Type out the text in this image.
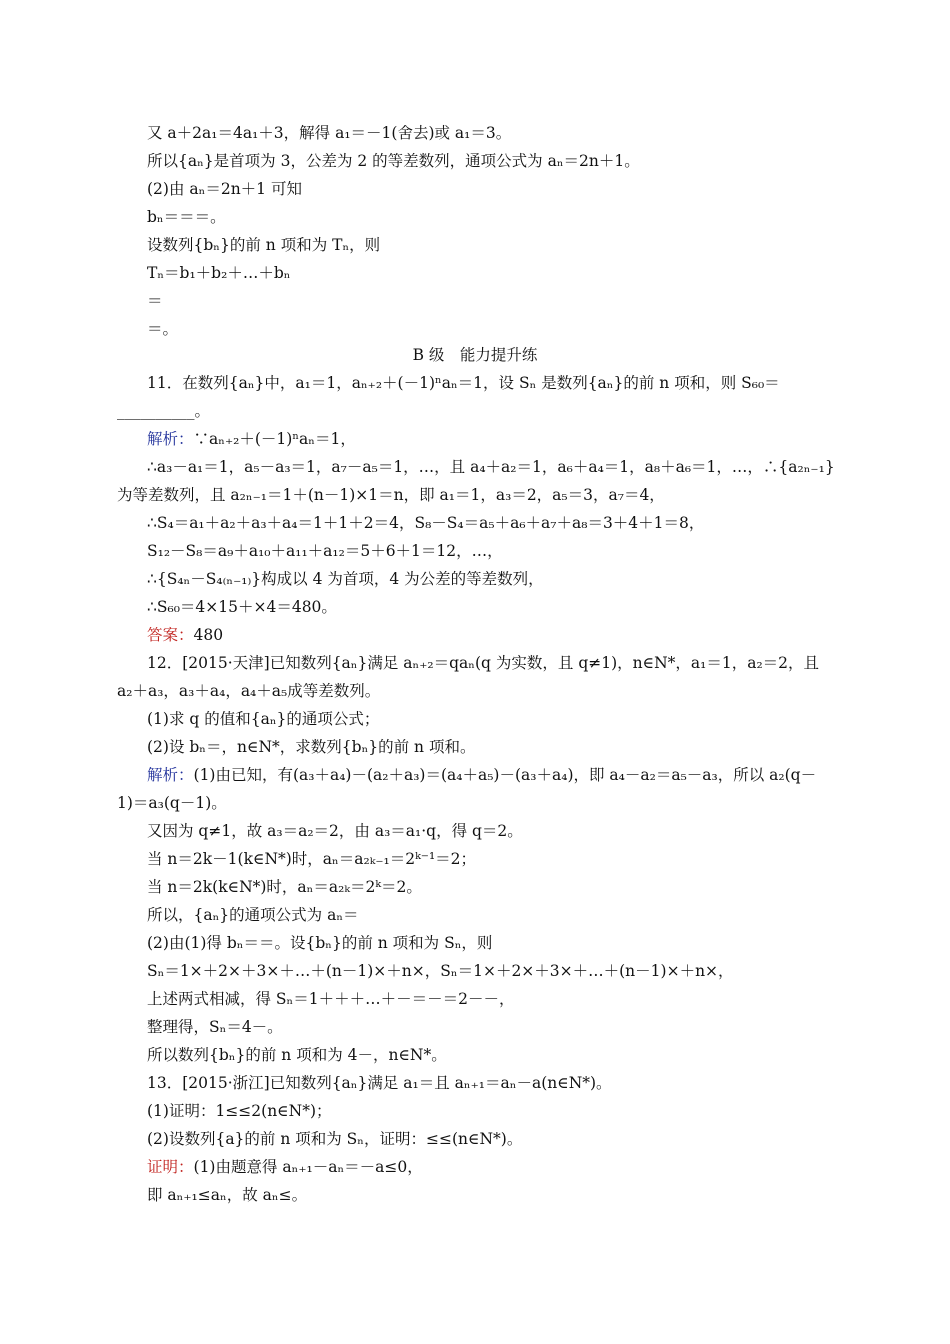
又 a＋2a₁＝4a₁＋3，解得 a₁＝－1(舍去)或 a₁＝3。
所以{aₙ}是首项为 3，公差为 2 的等差数列，通项公式为 aₙ＝2n＋1。
(2)由 aₙ＝2n＋1 可知
bₙ＝＝＝。
设数列{bₙ}的前 n 项和为 Tₙ，则
Tₙ＝b₁＋b₂＋…＋bₙ
＝
＝。
B 级　能力提升练
11．在数列{aₙ}中，a₁＝1，aₙ₊₂＋(－1)ⁿaₙ＝1，设 Sₙ 是数列{aₙ}的前 n 项和，则 S₆₀＝
__________。
解析：∵aₙ₊₂＋(－1)ⁿaₙ＝1，
∴a₃－a₁＝1，a₅－a₃＝1，a₇－a₅＝1，…，且 a₄＋a₂＝1，a₆＋a₄＝1，a₈＋a₆＝1，…，∴{a₂ₙ₋₁}
为等差数列，且 a₂ₙ₋₁＝1＋(n－1)×1＝n，即 a₁＝1，a₃＝2，a₅＝3，a₇＝4，
∴S₄＝a₁＋a₂＋a₃＋a₄＝1＋1＋2＝4，S₈－S₄＝a₅＋a₆＋a₇＋a₈＝3＋4＋1＝8，
S₁₂－S₈＝a₉＋a₁₀＋a₁₁＋a₁₂＝5＋6＋1＝12，…，
∴{S₄ₙ－S₄₍ₙ₋₁₎}构成以 4 为首项，4 为公差的等差数列，
∴S₆₀＝4×15＋×4＝480。
答案：480
12．[2015·天津]已知数列{aₙ}满足 aₙ₊₂＝qaₙ(q 为实数，且 q≠1)，n∈N*，a₁＝1，a₂＝2，且
a₂＋a₃，a₃＋a₄，a₄＋a₅成等差数列。
(1)求 q 的值和{aₙ}的通项公式；
(2)设 bₙ＝，n∈N*，求数列{bₙ}的前 n 项和。
解析：(1)由已知，有(a₃＋a₄)－(a₂＋a₃)＝(a₄＋a₅)－(a₃＋a₄)，即 a₄－a₂＝a₅－a₃，所以 a₂(q－
1)＝a₃(q－1)。
又因为 q≠1，故 a₃＝a₂＝2，由 a₃＝a₁·q，得 q＝2。
当 n＝2k－1(k∈N*)时，aₙ＝a₂ₖ₋₁＝2ᵏ⁻¹＝2；
当 n＝2k(k∈N*)时，aₙ＝a₂ₖ＝2ᵏ＝2。
所以，{aₙ}的通项公式为 aₙ＝
(2)由(1)得 bₙ＝＝。设{bₙ}的前 n 项和为 Sₙ，则
Sₙ＝1×＋2×＋3×＋…＋(n－1)×＋n×，Sₙ＝1×＋2×＋3×＋…＋(n－1)×＋n×，
上述两式相减，得 Sₙ＝1＋＋＋…＋－＝－＝2－－，
整理得，Sₙ＝4－。
所以数列{bₙ}的前 n 项和为 4－，n∈N*。
13．[2015·浙江]已知数列{aₙ}满足 a₁＝且 aₙ₊₁＝aₙ－a(n∈N*)。
(1)证明：1≤≤2(n∈N*)；
(2)设数列{a}的前 n 项和为 Sₙ，证明：≤≤(n∈N*)。
证明：(1)由题意得 aₙ₊₁－aₙ＝－a≤0，
即 aₙ₊₁≤aₙ，故 aₙ≤。
